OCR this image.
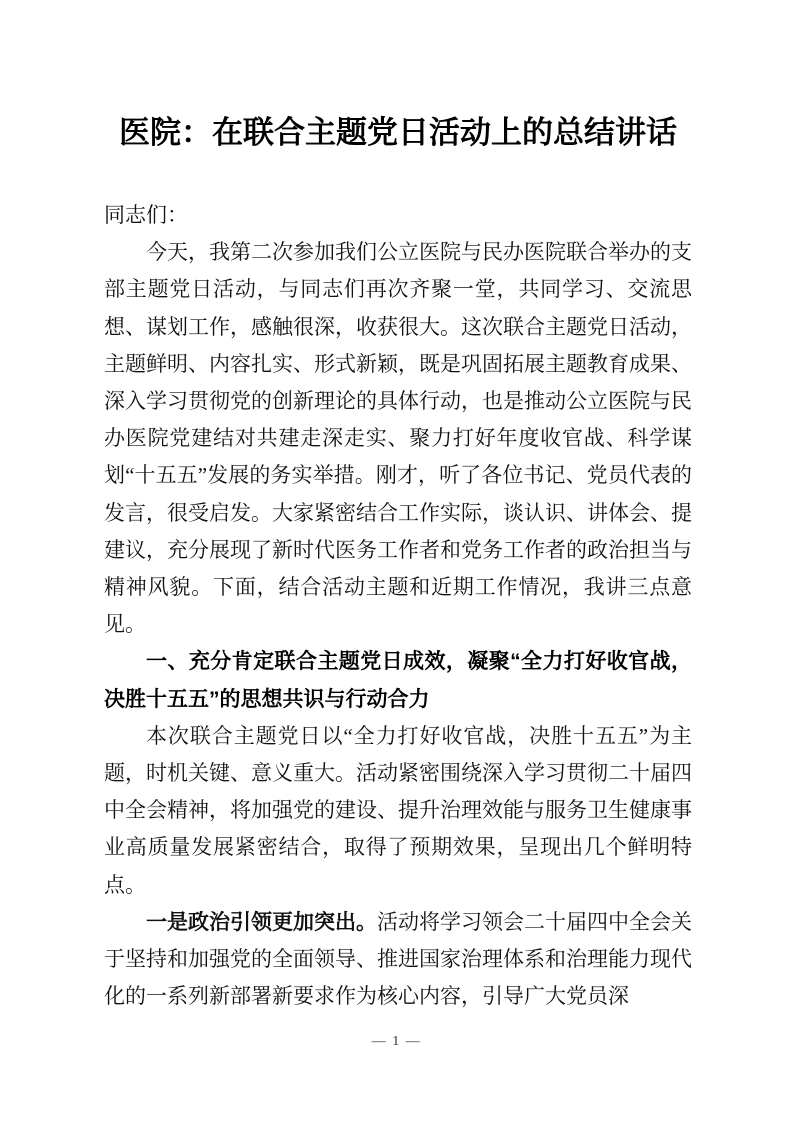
医院：在联合主题党日活动上的总结讲话

同志们：

今天，我第二次参加我们公立医院与民办医院联合举办的支部主题党日活动，与同志们再次齐聚一堂，共同学习、交流思想、谋划工作，感触很深，收获很大。这次联合主题党日活动，主题鲜明、内容扎实、形式新颖，既是巩固拓展主题教育成果、深入学习贯彻党的创新理论的具体行动，也是推动公立医院与民办医院党建结对共建走深走实、聚力打好年度收官战、科学谋划“十五五”发展的务实举措。刚才，听了各位书记、党员代表的发言，很受启发。大家紧密结合工作实际，谈认识、讲体会、提建议，充分展现了新时代医务工作者和党务工作者的政治担当与精神风貌。下面，结合活动主题和近期工作情况，我讲三点意见。

一、充分肯定联合主题党日成效，凝聚“全力打好收官战，决胜十五五”的思想共识与行动合力

本次联合主题党日以“全力打好收官战，决胜十五五”为主题，时机关键、意义重大。活动紧密围绕深入学习贯彻二十届四中全会精神，将加强党的建设、提升治理效能与服务卫生健康事业高质量发展紧密结合，取得了预期效果，呈现出几个鲜明特点。

一是政治引领更加突出。活动将学习领会二十届四中全会关于坚持和加强党的全面领导、推进国家治理体系和治理能力现代化的一系列新部署新要求作为核心内容，引导广大党员深

— 1 —
